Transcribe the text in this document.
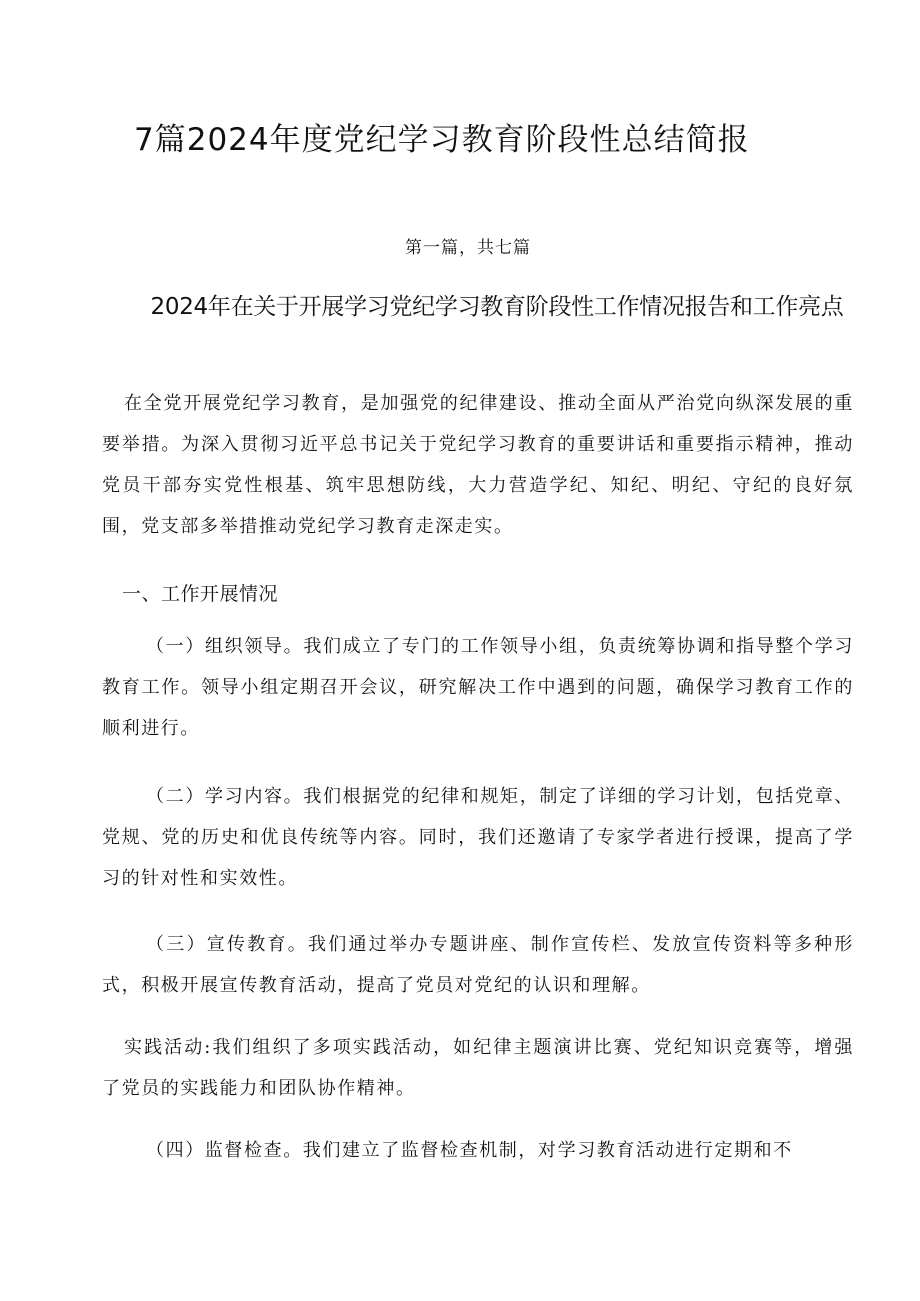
7篇2024年度党纪学习教育阶段性总结简报
第一篇，共七篇
2024年在关于开展学习党纪学习教育阶段性工作情况报告和工作亮点

在全党开展党纪学习教育，是加强党的纪律建设、推动全面从严治党向纵深发展的重要举措。为深入贯彻习近平总书记关于党纪学习教育的重要讲话和重要指示精神，推动党员干部夯实党性根基、筑牢思想防线，大力营造学纪、知纪、明纪、守纪的良好氛围，党支部多举措推动党纪学习教育走深走实。

一、工作开展情况

（一）组织领导。我们成立了专门的工作领导小组，负责统筹协调和指导整个学习教育工作。领导小组定期召开会议，研究解决工作中遇到的问题，确保学习教育工作的顺利进行。

（二）学习内容。我们根据党的纪律和规矩，制定了详细的学习计划，包括党章、党规、党的历史和优良传统等内容。同时，我们还邀请了专家学者进行授课，提高了学习的针对性和实效性。

（三）宣传教育。我们通过举办专题讲座、制作宣传栏、发放宣传资料等多种形式，积极开展宣传教育活动，提高了党员对党纪的认识和理解。

实践活动:我们组织了多项实践活动，如纪律主题演讲比赛、党纪知识竞赛等，增强了党员的实践能力和团队协作精神。

（四）监督检查。我们建立了监督检查机制，对学习教育活动进行定期和不
